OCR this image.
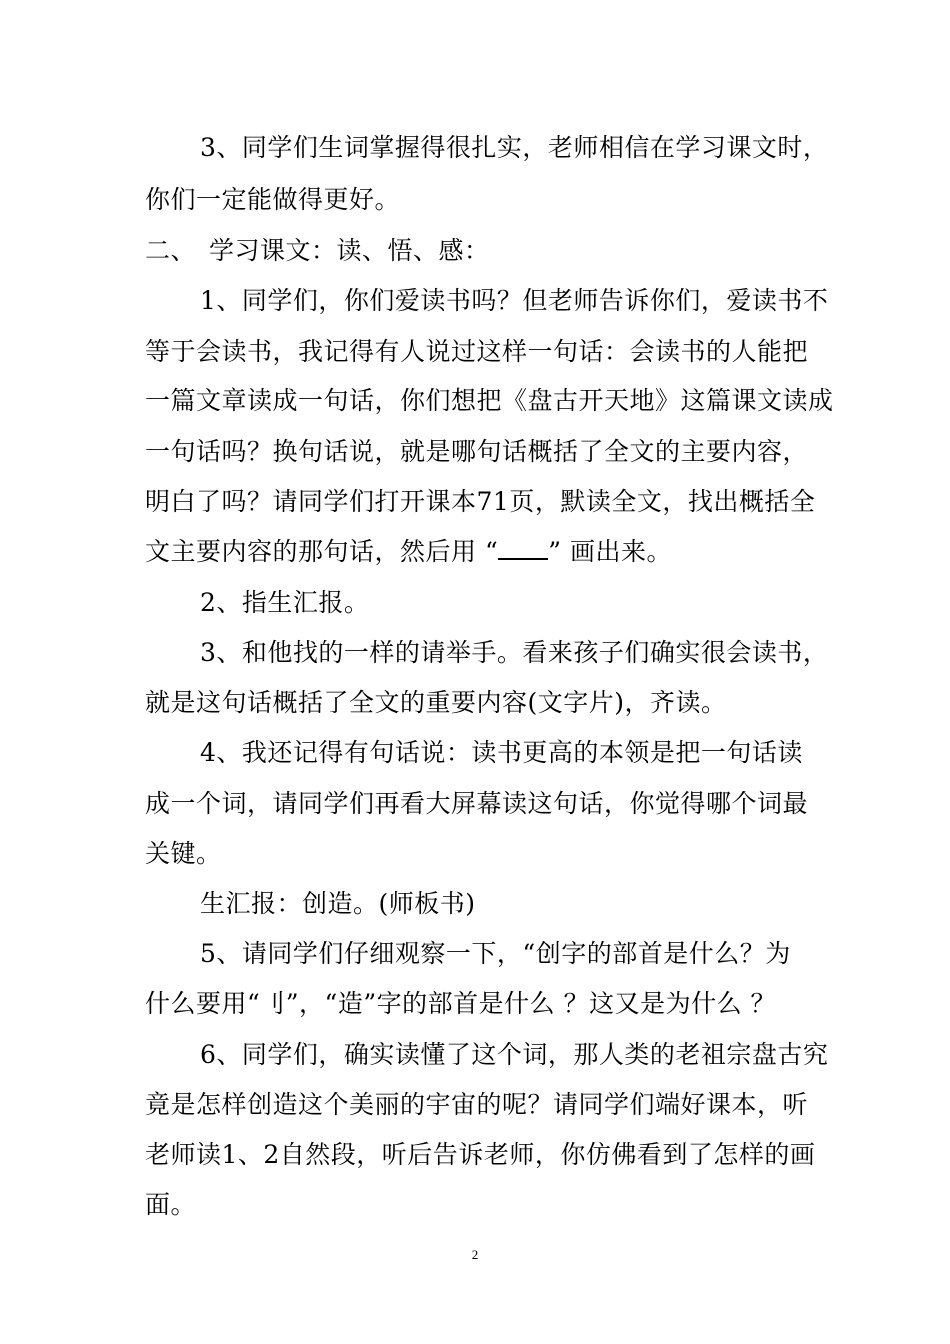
3、同学们生词掌握得很扎实，老师相信在学习课文时，
你们一定能做得更好。
二、　学习课文：读、悟、感：
1、同学们，你们爱读书吗？但老师告诉你们，爱读书不
等于会读书，我记得有人说过这样一句话：会读书的人能把
一篇文章读成一句话，你们想把《盘古开天地》这篇课文读成
一句话吗？换句话说，就是哪句话概括了全文的主要内容，
明白了吗？请同学们打开课本71页，默读全文，找出概括全
文主要内容的那句话，然后用 “ ” 画出来。
2、指生汇报。
3、和他找的一样的请举手。看来孩子们确实很会读书，
就是这句话概括了全文的重要内容(文字片)，齐读。
4、我还记得有句话说：读书更高的本领是把一句话读
成一个词，请同学们再看大屏幕读这句话，你觉得哪个词最
关键。
生汇报：创造。(师板书)
5、请同学们仔细观察一下，“创字的部首是什么？为
什么要用“刂”，“造”字的部首是什么 ？这又是为什么 ？
6、同学们，确实读懂了这个词，那人类的老祖宗盘古究
竟是怎样创造这个美丽的宇宙的呢？请同学们端好课本，听
老师读1、2自然段，听后告诉老师，你仿佛看到了怎样的画
面。
2
